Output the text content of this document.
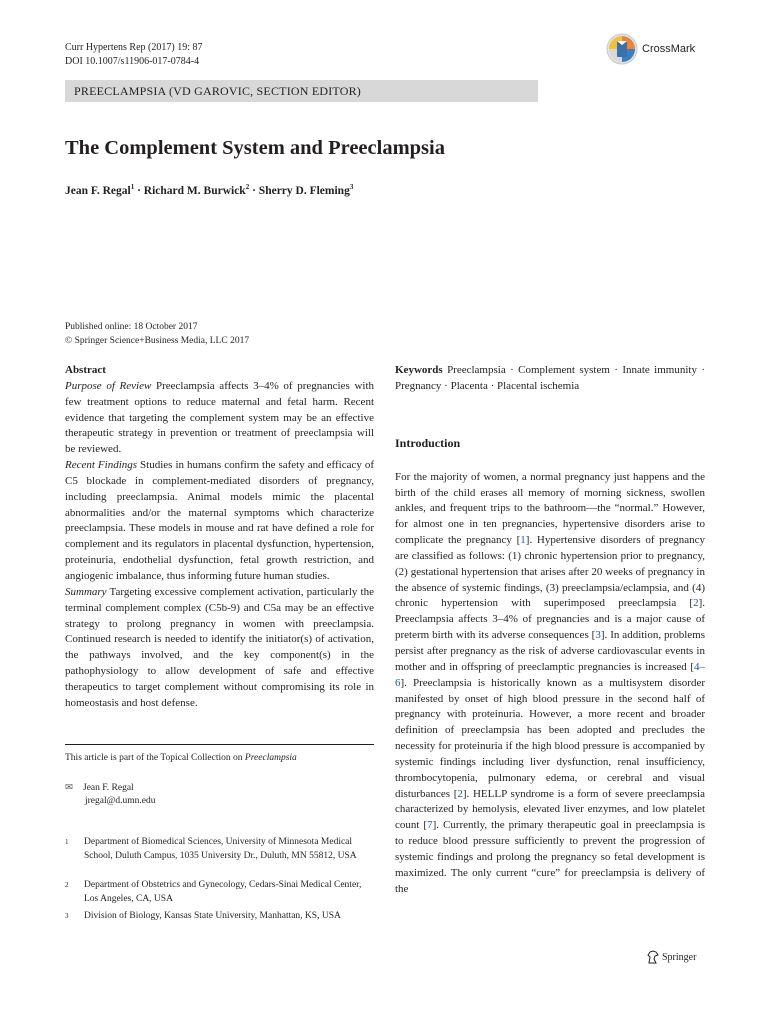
Curr Hypertens Rep (2017) 19: 87
DOI 10.1007/s11906-017-0784-4
CrossMark
PREECLAMPSIA (VD GAROVIC, SECTION EDITOR)
The Complement System and Preeclampsia
Jean F. Regal$^1$ · Richard M. Burwick$^2$ · Sherry D. Fleming$^3$
Published online: 18 October 2017
© Springer Science+Business Media, LLC 2017
Abstract

Purpose of Review Preeclampsia affects 3–4% of pregnancies with few treatment options to reduce maternal and fetal harm. Recent evidence that targeting the complement system may be an effective therapeutic strategy in prevention or treatment of preeclampsia will be reviewed.

Recent Findings Studies in humans confirm the safety and efficacy of C5 blockade in complement-mediated disorders of pregnancy, including preeclampsia. Animal models mimic the placental abnormalities and/or the maternal symptoms which characterize preeclampsia. These models in mouse and rat have defined a role for complement and its regulators in placental dysfunction, hypertension, proteinuria, endothelial dysfunction, fetal growth restriction, and angiogenic imbalance, thus informing future human studies.

Summary Targeting excessive complement activation, particularly the terminal complement complex (C5b-9) and C5a may be an effective strategy to prolong pregnancy in women with preeclampsia. Continued research is needed to identify the initiator(s) of activation, the pathways involved, and the key component(s) in the pathophysiology to allow development of safe and effective therapeutics to target complement without compromising its role in homeostasis and host defense.

This article is part of the Topical Collection on Preeclampsia
✉ Jean F. Regal
jregal@d.umn.edu
1 Department of Biomedical Sciences, University of Minnesota Medical School, Duluth Campus, 1035 University Dr., Duluth, MN 55812, USA
2 Department of Obstetrics and Gynecology, Cedars-Sinai Medical Center, Los Angeles, CA, USA
3 Division of Biology, Kansas State University, Manhattan, KS, USA

Keywords Preeclampsia · Complement system · Innate immunity · Pregnancy · Placenta · Placental ischemia

Introduction

For the majority of women, a normal pregnancy just happens and the birth of the child erases all memory of morning sickness, swollen ankles, and frequent trips to the bathroom—the “normal.” However, for almost one in ten pregnancies, hypertensive disorders arise to complicate the pregnancy [1]. Hypertensive disorders of pregnancy are classified as follows: (1) chronic hypertension prior to pregnancy, (2) gestational hypertension that arises after 20 weeks of pregnancy in the absence of systemic findings, (3) preeclampsia/eclampsia, and (4) chronic hypertension with superimposed preeclampsia [2]. Preeclampsia affects 3–4% of pregnancies and is a major cause of preterm birth with its adverse consequences [3]. In addition, problems persist after pregnancy as the risk of adverse cardiovascular events in mother and in offspring of preeclamptic pregnancies is increased [4–6]. Preeclampsia is historically known as a multisystem disorder manifested by onset of high blood pressure in the second half of pregnancy with proteinuria. However, a more recent and broader definition of preeclampsia has been adopted and precludes the necessity for proteinuria if the high blood pressure is accompanied by systemic findings including liver dysfunction, renal insufficiency, thrombocytopenia, pulmonary edema, or cerebral and visual disturbances [2]. HELLP syndrome is a form of severe preeclampsia characterized by hemolysis, elevated liver enzymes, and low platelet count [7]. Currently, the primary therapeutic goal in preeclampsia is to reduce blood pressure sufficiently to prevent the progression of systemic findings and prolong the pregnancy so fetal development is maximized. The only current “cure” for preeclampsia is delivery of the

Springer
